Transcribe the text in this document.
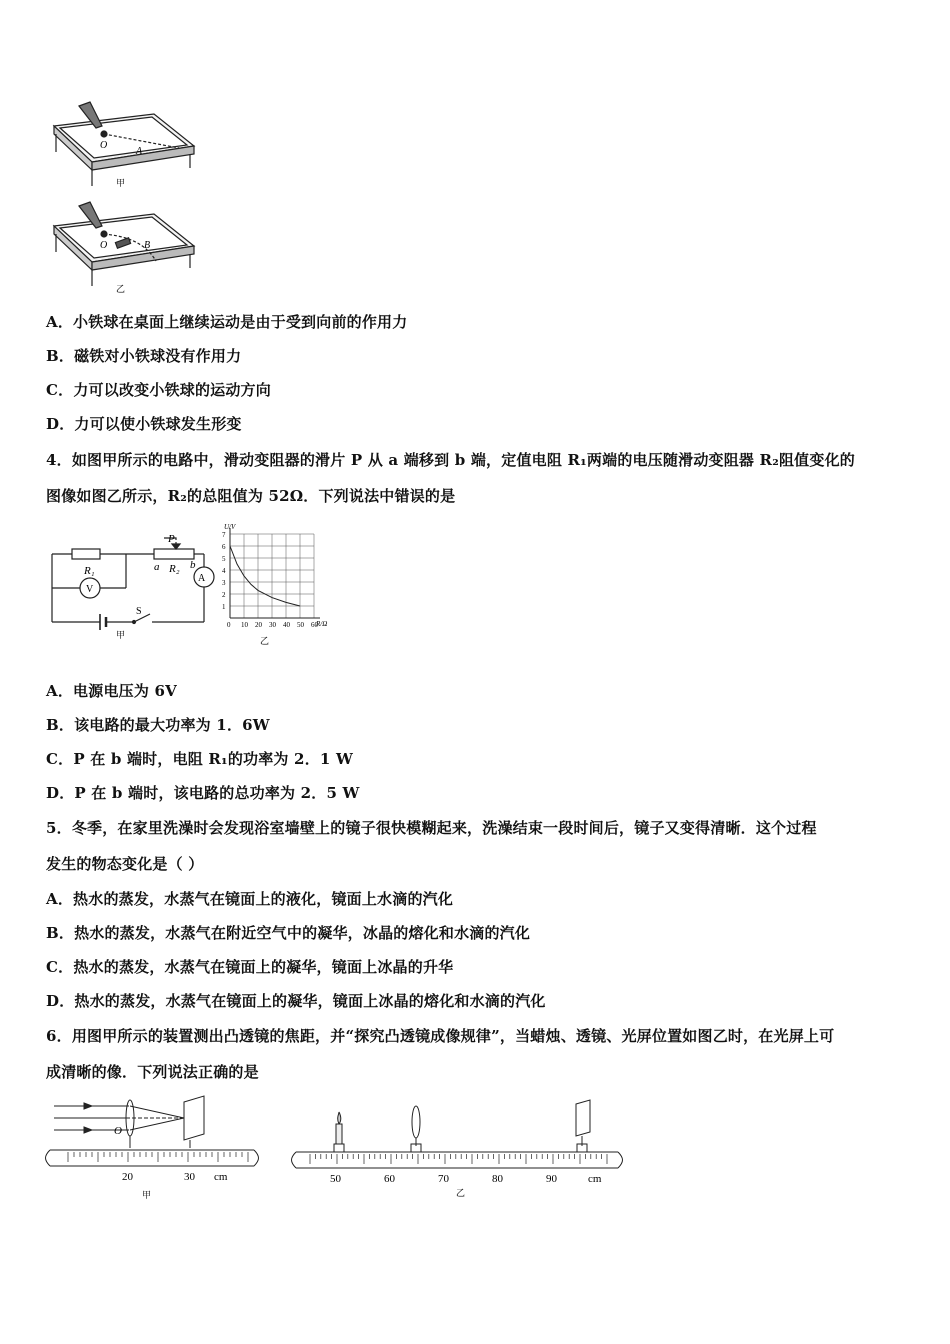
O
A
甲
O	B
乙
A．小铁球在桌面上继续运动是由于受到向前的作用力
B．磁铁对小铁球没有作用力
C．力可以改变小铁球的运动方向
D．力可以使小铁球发生形变
4．如图甲所示的电路中，滑动变阻器的滑片 P 从 a 端移到 b 端，定值电阻 R₁两端的电压随滑动变阻器 R₂阻值变化的
图像如图乙所示，R₂的总阻值为 52Ω．下列说法中错误的是
R₁
V
A
P
a R₂ b
S
甲
0 10 20 30 40 50 60
1
2
3
4
5
6
7
U/V
R/Ω
乙
A．电源电压为 6V
B．该电路的最大功率为 1．6W
C．P 在 b 端时，电阻 R₁的功率为 2．1 W
D．P 在 b 端时，该电路的总功率为 2．5 W
5．冬季，在家里洗澡时会发现浴室墙壁上的镜子很快模糊起来，洗澡结束一段时间后，镜子又变得清晰．这个过程
发生的物态变化是（ ）
A．热水的蒸发，水蒸气在镜面上的液化，镜面上水滴的汽化
B．热水的蒸发，水蒸气在附近空气中的凝华，冰晶的熔化和水滴的汽化
C．热水的蒸发，水蒸气在镜面上的凝华，镜面上冰晶的升华
D．热水的蒸发，水蒸气在镜面上的凝华，镜面上冰晶的熔化和水滴的汽化
6．用图甲所示的装置测出凸透镜的焦距，并“探究凸透镜成像规律”，当蜡烛、透镜、光屏位置如图乙时，在光屏上可
成清晰的像．下列说法正确的是
O
20	30 cm
甲
50	60	70	80	90	cm
乙
